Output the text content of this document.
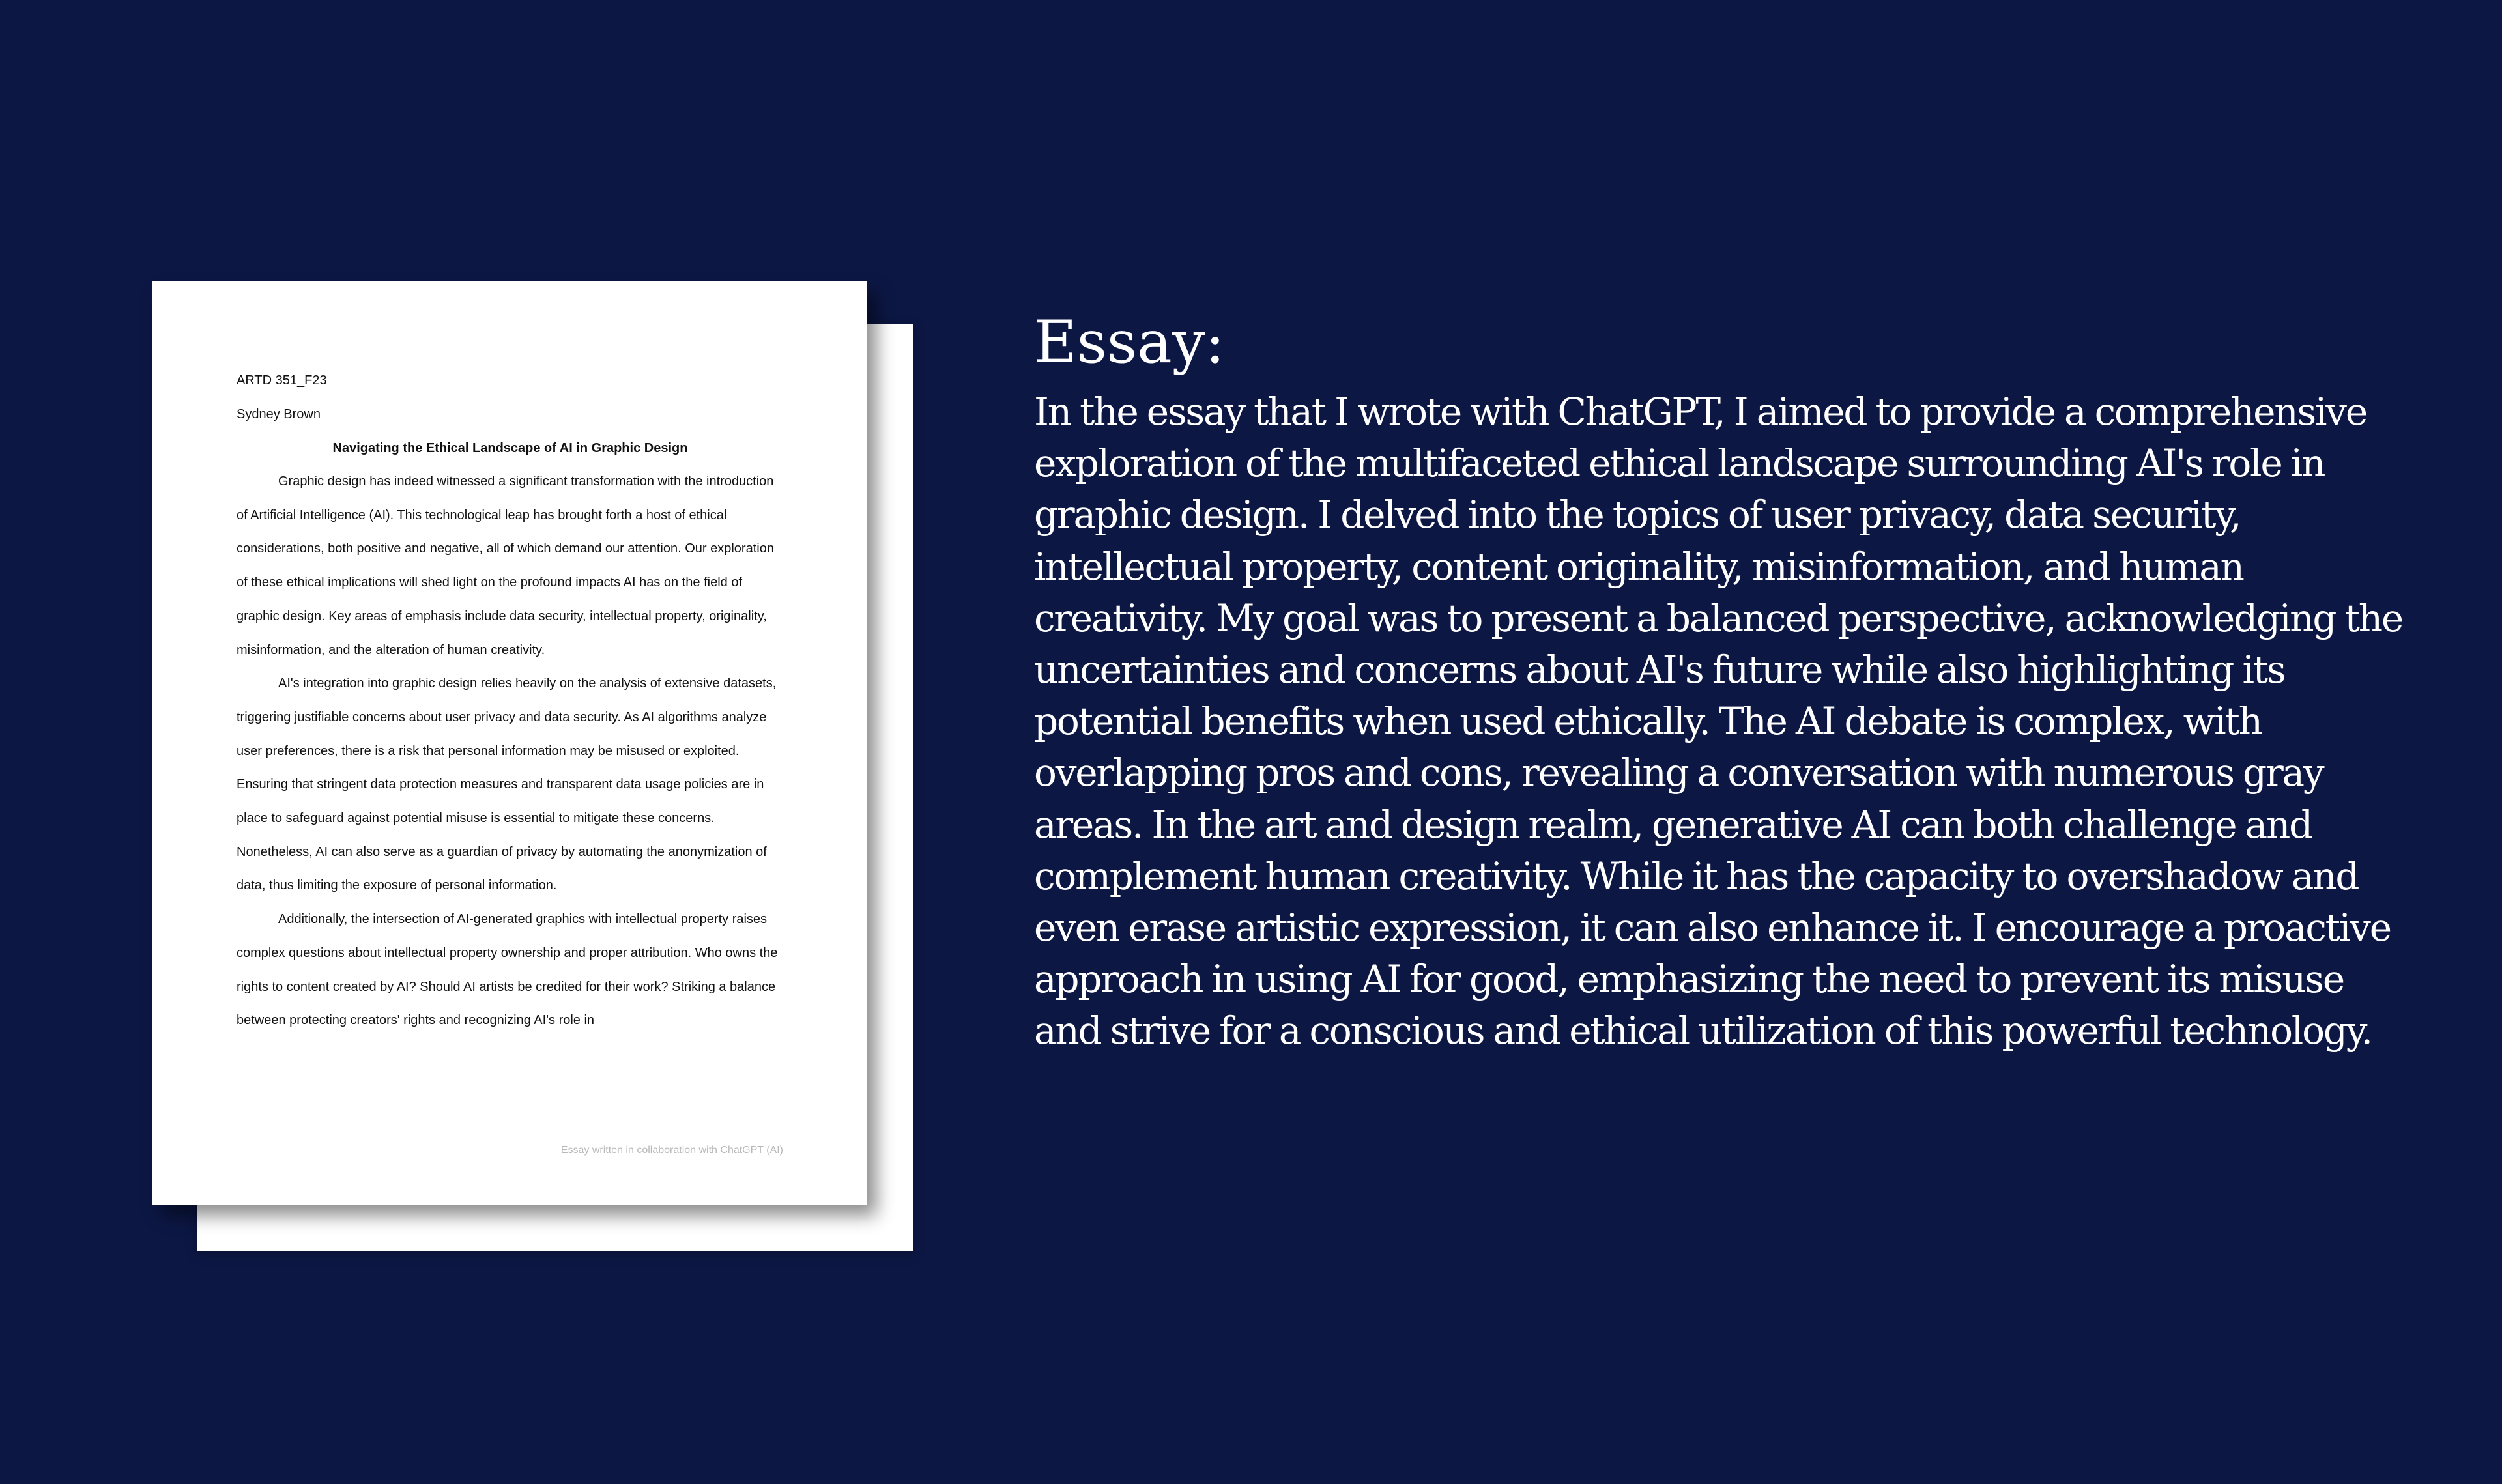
ARTD 351_F23

Sydney Brown

Navigating the Ethical Landscape of AI in Graphic Design

Graphic design has indeed witnessed a significant transformation with the introduction of Artificial Intelligence (AI). This technological leap has brought forth a host of ethical considerations, both positive and negative, all of which demand our attention. Our exploration of these ethical implications will shed light on the profound impacts AI has on the field of graphic design. Key areas of emphasis include data security, intellectual property, originality, misinformation, and the alteration of human creativity.

AI's integration into graphic design relies heavily on the analysis of extensive datasets, triggering justifiable concerns about user privacy and data security. As AI algorithms analyze user preferences, there is a risk that personal information may be misused or exploited. Ensuring that stringent data protection measures and transparent data usage policies are in place to safeguard against potential misuse is essential to mitigate these concerns. Nonetheless, AI can also serve as a guardian of privacy by automating the anonymization of data, thus limiting the exposure of personal information.

Additionally, the intersection of AI-generated graphics with intellectual property raises complex questions about intellectual property ownership and proper attribution. Who owns the rights to content created by AI? Should AI artists be credited for their work? Striking a balance between protecting creators' rights and recognizing AI's role in

Essay written in collaboration with ChatGPT (AI)
Essay:

In the essay that I wrote with ChatGPT, I aimed to provide a comprehensive exploration of the multifaceted ethical landscape surrounding AI's role in graphic design. I delved into the topics of user privacy, data security, intellectual property, content originality, misinformation, and human creativity. My goal was to present a balanced perspective, acknowledging the uncertainties and concerns about AI's future while also highlighting its potential benefits when used ethically. The AI debate is complex, with overlapping pros and cons, revealing a conversation with numerous gray areas. In the art and design realm, generative AI can both challenge and complement human creativity. While it has the capacity to overshadow and even erase artistic expression, it can also enhance it. I encourage a proactive approach in using AI for good, emphasizing the need to prevent its misuse and strive for a conscious and ethical utilization of this powerful technology.
